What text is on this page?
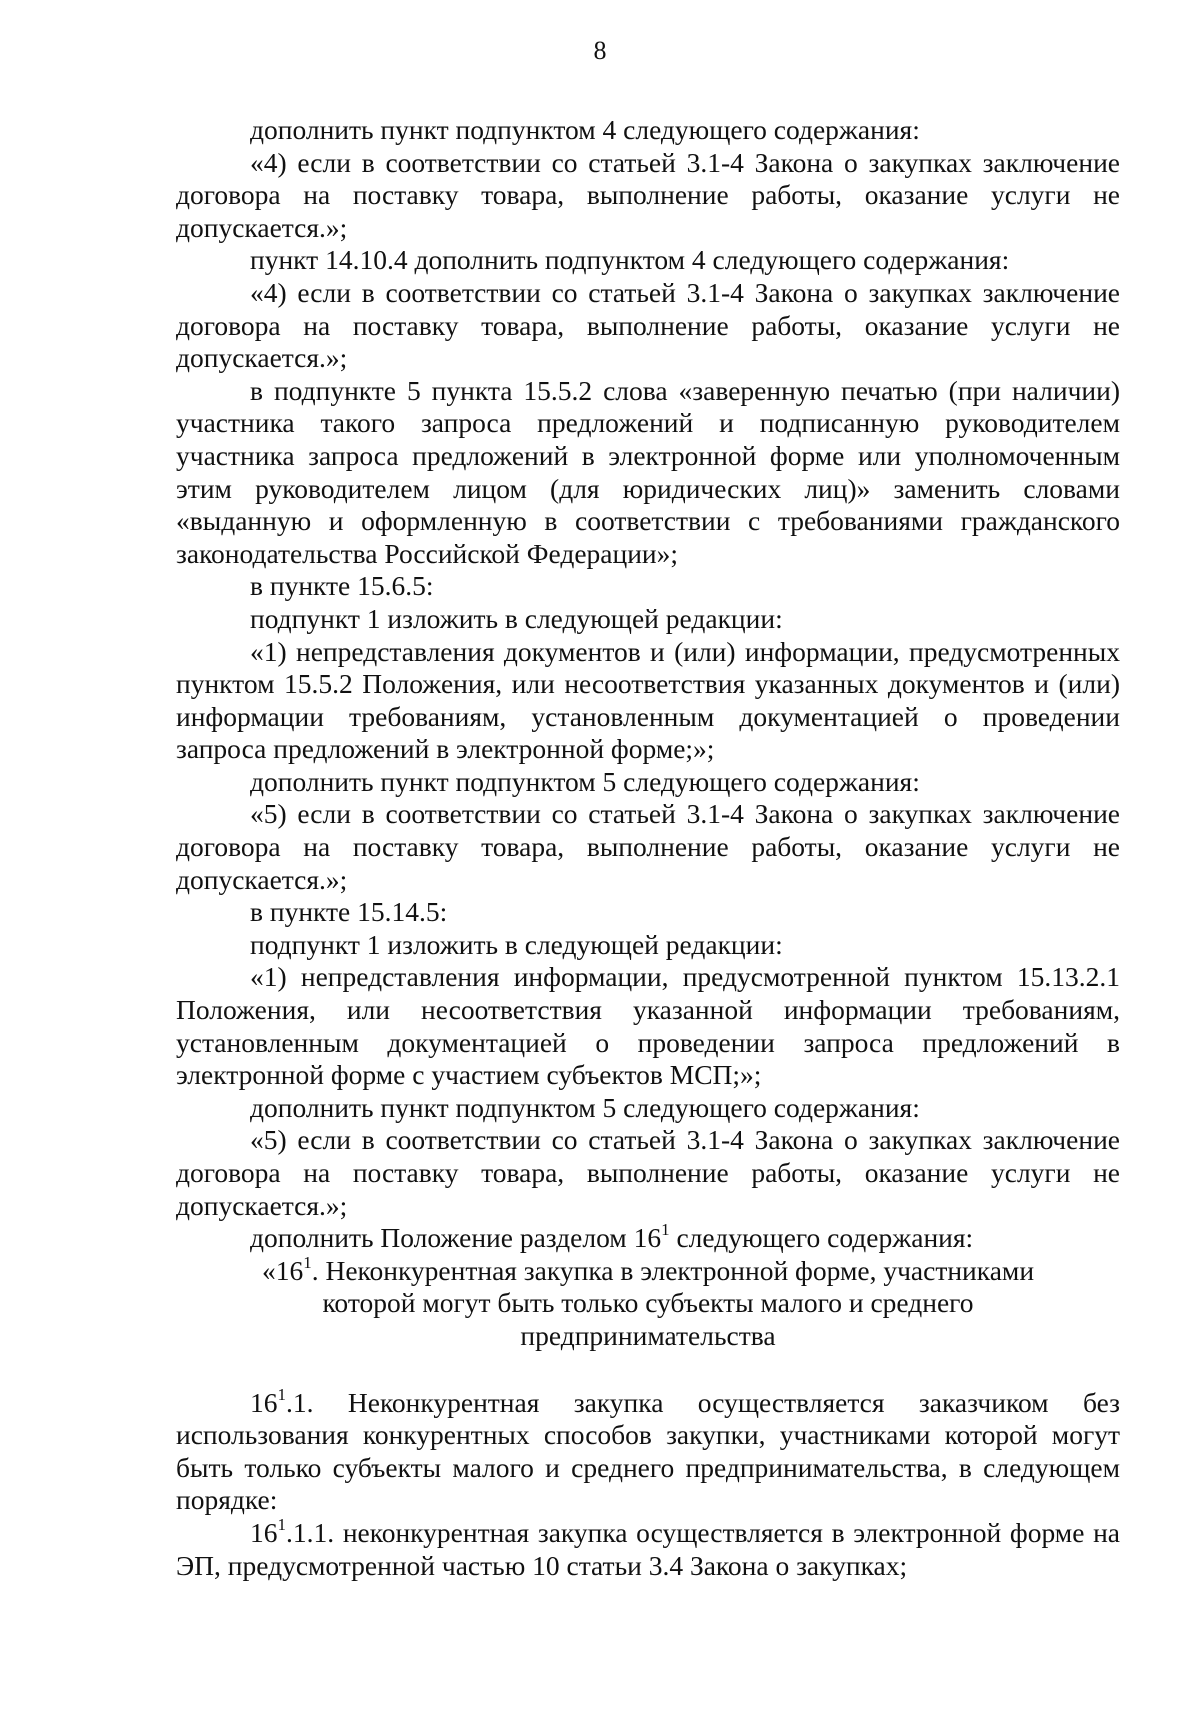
8

дополнить пункт подпунктом 4 следующего содержания:

«4) если в соответствии со статьей 3.1-4 Закона о закупках заключение договора на поставку товара, выполнение работы, оказание услуги не допускается.»;

пункт 14.10.4 дополнить подпунктом 4 следующего содержания:

«4) если в соответствии со статьей 3.1-4 Закона о закупках заключение договора на поставку товара, выполнение работы, оказание услуги не допускается.»;

в подпункте 5 пункта 15.5.2 слова «заверенную печатью (при наличии) участника такого запроса предложений и подписанную руководителем участника запроса предложений в электронной форме или уполномоченным этим руководителем лицом (для юридических лиц)» заменить словами «выданную и оформленную в соответствии с требованиями гражданского законодательства Российской Федерации»;

в пункте 15.6.5:

подпункт 1 изложить в следующей редакции:

«1) непредставления документов и (или) информации, предусмотренных пунктом 15.5.2 Положения, или несоответствия указанных документов и (или) информации требованиям, установленным документацией о проведении запроса предложений в электронной форме;»;

дополнить пункт подпунктом 5 следующего содержания:

«5) если в соответствии со статьей 3.1-4 Закона о закупках заключение договора на поставку товара, выполнение работы, оказание услуги не допускается.»;

в пункте 15.14.5:

подпункт 1 изложить в следующей редакции:

«1) непредставления информации, предусмотренной пунктом 15.13.2.1 Положения, или несоответствия указанной информации требованиям, установленным документацией о проведении запроса предложений в электронной форме с участием субъектов МСП;»;

дополнить пункт подпунктом 5 следующего содержания:

«5) если в соответствии со статьей 3.1-4 Закона о закупках заключение договора на поставку товара, выполнение работы, оказание услуги не допускается.»;

дополнить Положение разделом $16^1$ следующего содержания:

«$16^1$. Неконкурентная закупка в электронной форме, участниками которой могут быть только субъекты малого и среднего предпринимательства

$16^1.1$. Неконкурентная закупка осуществляется заказчиком без использования конкурентных способов закупки, участниками которой могут быть только субъекты малого и среднего предпринимательства, в следующем порядке:

$16^1.1.1$. неконкурентная закупка осуществляется в электронной форме на ЭП, предусмотренной частью 10 статьи 3.4 Закона о закупках;
